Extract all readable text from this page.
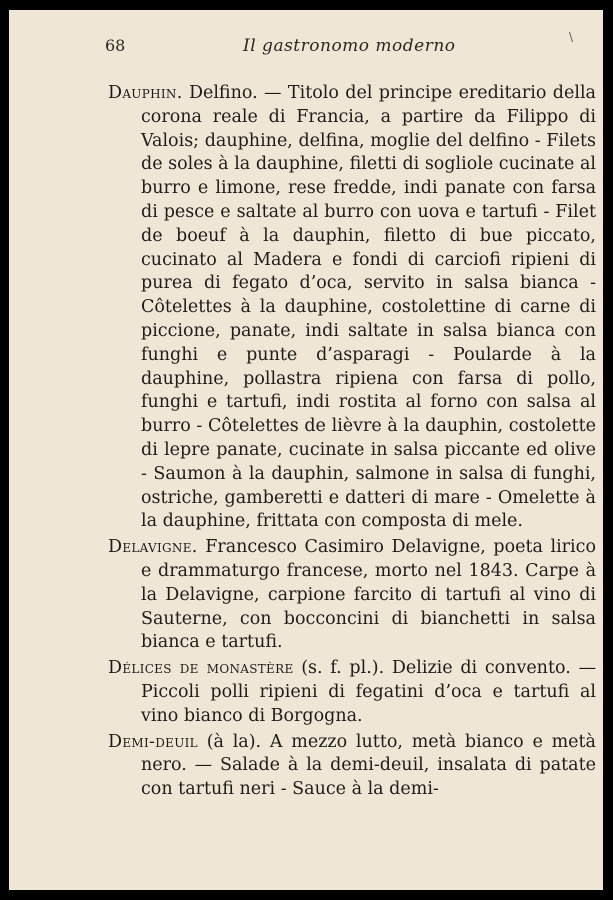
68	Il gastronomo moderno	\

Dauphin. Delfino. — Titolo del principe ereditario della corona reale di Francia, a partire da Filippo di Valois; dauphine, delfina, moglie del delfino - Filets de soles à la dauphine, filetti di sogliole cucinate al burro e limone, rese fredde, indi panate con farsa di pesce e saltate al burro con uova e tartufi - Filet de boeuf à la dauphin, filetto di bue piccato, cucinato al Madera e fondi di carciofi ripieni di purea di fegato d’oca, servito in salsa bianca - Côtelettes à la dauphine, costolettine di carne di piccione, panate, indi saltate in salsa bianca con funghi e punte d’asparagi - Poularde à la dauphine, pollastra ripiena con farsa di pollo, funghi e tartufi, indi rostita al forno con salsa al burro - Côtelettes de lièvre à la dauphin, costolette di lepre panate, cucinate in salsa piccante ed olive - Saumon à la dauphin, salmone in salsa di funghi, ostriche, gamberetti e datteri di mare - Omelette à la dauphine, frittata con composta di mele.

Delavigne. Francesco Casimiro Delavigne, poeta lirico e drammaturgo francese, morto nel 1843. Carpe à la Delavigne, carpione farcito di tartufi al vino di Sauterne, con bocconcini di bianchetti in salsa bianca e tartufi.

Délices de monastère (s. f. pl.). Delizie di convento. — Piccoli polli ripieni di fegatini d’oca e tartufi al vino bianco di Borgogna.

Demi-deuil (à la). A mezzo lutto, metà bianco e metà nero. — Salade à la demi-deuil, insalata di patate con tartufi neri - Sauce à la demi-
